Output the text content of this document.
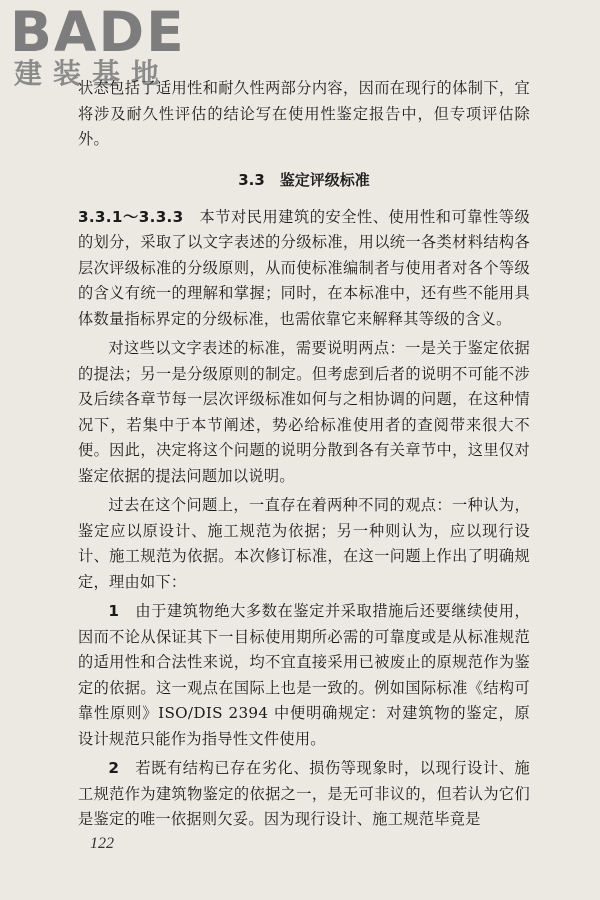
BADE
建装基地

状态包括了适用性和耐久性两部分内容，因而在现行的体制下，宜将涉及耐久性评估的结论写在使用性鉴定报告中，但专项评估除外。

3.3　鉴定评级标准

3.3.1～3.3.3　 本节对民用建筑的安全性、使用性和可靠性等级的划分，采取了以文字表述的分级标准，用以统一各类材料结构各层次评级标准的分级原则，从而使标准编制者与使用者对各个等级的含义有统一的理解和掌握；同时，在本标准中，还有些不能用具体数量指标界定的分级标准，也需依靠它来解释其等级的含义。

对这些以文字表述的标准，需要说明两点：一是关于鉴定依据的提法；另一是分级原则的制定。但考虑到后者的说明不可能不涉及后续各章节每一层次评级标准如何与之相协调的问题，在这种情况下，若集中于本节阐述，势必给标准使用者的查阅带来很大不便。因此，决定将这个问题的说明分散到各有关章节中，这里仅对鉴定依据的提法问题加以说明。

过去在这个问题上，一直存在着两种不同的观点：一种认为，鉴定应以原设计、施工规范为依据；另一种则认为，应以现行设计、施工规范为依据。本次修订标准，在这一问题上作出了明确规定，理由如下：

1　 由于建筑物绝大多数在鉴定并采取措施后还要继续使用，因而不论从保证其下一目标使用期所必需的可靠度或是从标准规范的适用性和合法性来说，均不宜直接采用已被废止的原规范作为鉴定的依据。这一观点在国际上也是一致的。例如国际标准《结构可靠性原则》ISO/DIS 2394 中便明确规定：对建筑物的鉴定，原设计规范只能作为指导性文件使用。

2　 若既有结构已存在劣化、损伤等现象时，以现行设计、施工规范作为建筑物鉴定的依据之一，是无可非议的，但若认为它们是鉴定的唯一依据则欠妥。因为现行设计、施工规范毕竟是

122
